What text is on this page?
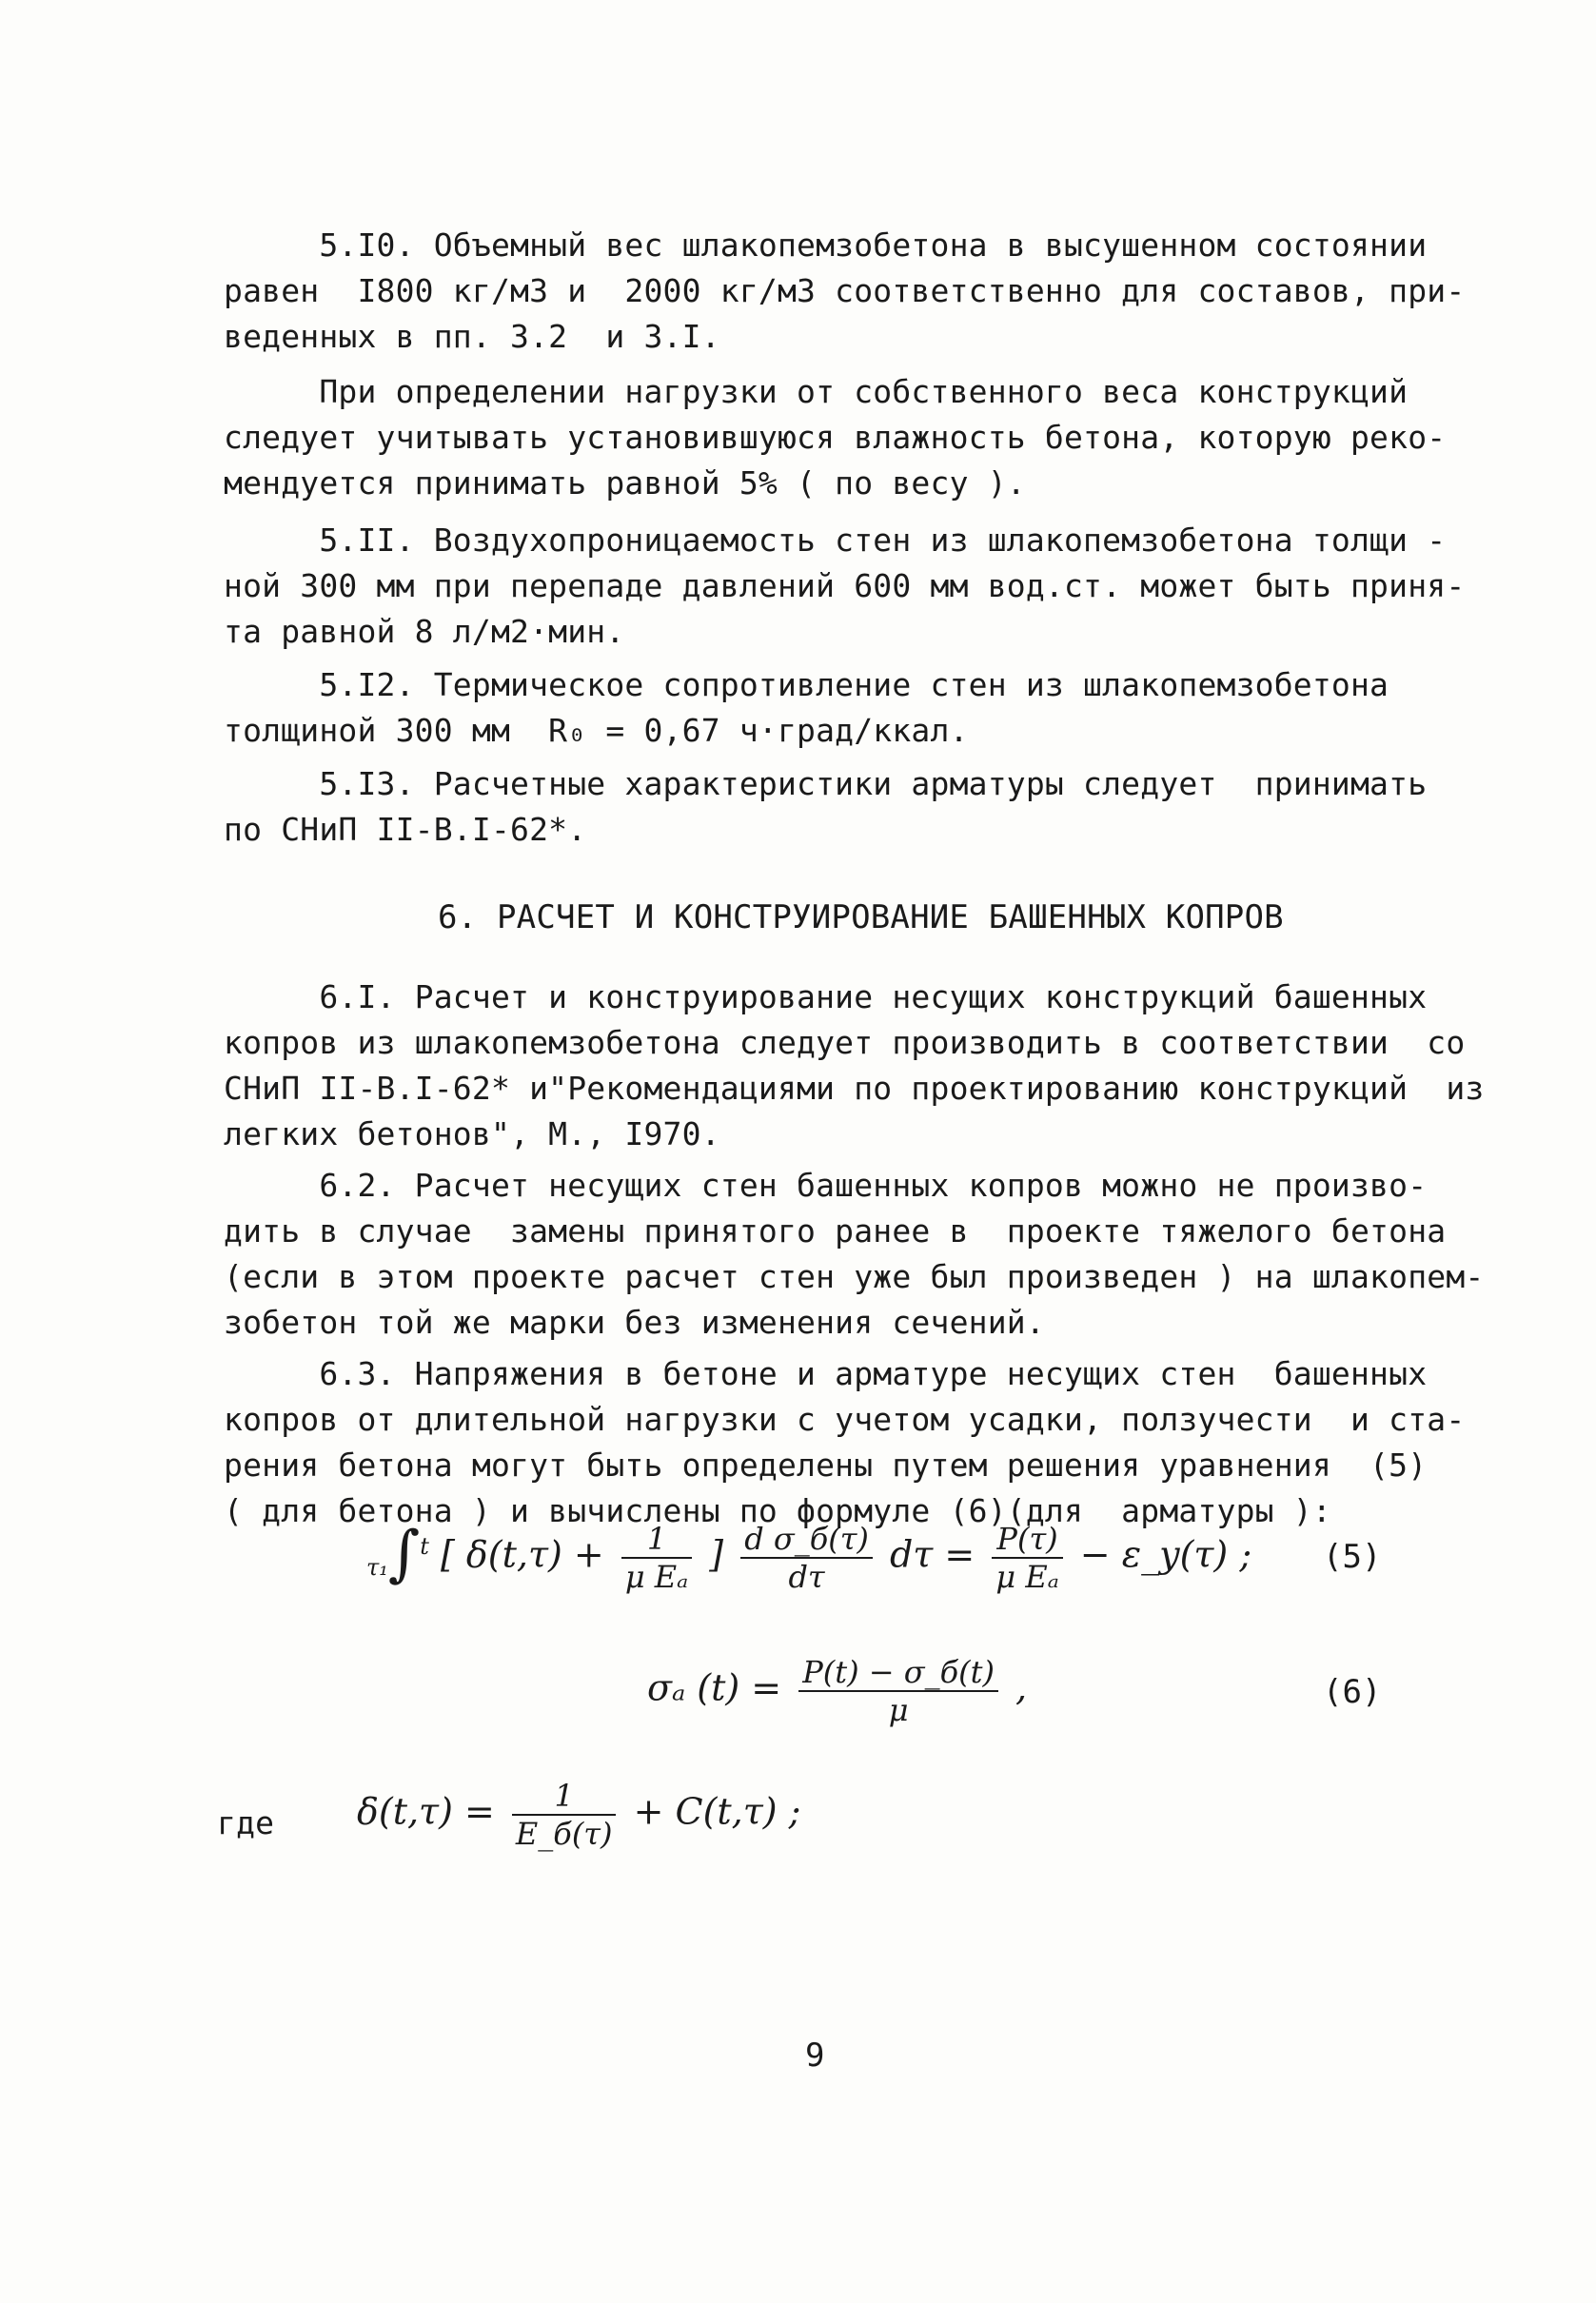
5.I0. Объемный вес шлакопемзобетона в высушенном состоянии
равен  I800 кг/м3 и  2000 кг/м3 соответственно для составов, при-
веденных в пп. 3.2  и 3.I.
При определении нагрузки от собственного веса конструкций
следует учитывать установившуюся влажность бетона, которую реко-
мендуется принимать равной 5% ( по весу ).
5.II. Воздухопроницаемость стен из шлакопемзобетона толщи -
ной 300 мм при перепаде давлений 600 мм вод.ст. может быть приня-
та равной 8 л/м2·мин.
5.I2. Термическое сопротивление стен из шлакопемзобетона
толщиной 300 мм  R₀ = 0,67 ч·град/ккал.
5.I3. Расчетные характеристики арматуры следует  принимать
по СНиП II-В.I-62*.
6. РАСЧЕТ И КОНСТРУИРОВАНИЕ БАШЕННЫХ КОПРОВ
6.I. Расчет и конструирование несущих конструкций башенных
копров из шлакопемзобетона следует производить в соответствии  со
СНиП II-В.I-62* и"Рекомендациями по проектированию конструкций  из
легких бетонов", М., I970.
6.2. Расчет несущих стен башенных копров можно не произво-
дить в случае  замены принятого ранее в  проекте тяжелого бетона
(если в этом проекте расчет стен уже был произведен ) на шлакопем-
зобетон той же марки без изменения сечений.
6.3. Напряжения в бетоне и арматуре несущих стен  башенных
копров от длительной нагрузки с учетом усадки, ползучести  и ста-
рения бетона могут быть определены путем решения уравнения  (5)
( для бетона ) и вычислены по формуле (6)(для  арматуры ):
$_{\tau_1}$∫$^t$ [ $\delta(t,\tau) + \frac{1}{\text{μ Eₐ}}$ ] $\frac{\text{d σ\_б(τ)}}{d\tau}$ $d\tau = \frac{P(\tau)}{\text{μ Eₐ}}$ − ε_y(τ) ; (5)
σₐ $(t) = \frac{P(t) - \sigma\_б(t)}{\mu}$ ,	(6)
где $\delta(t,\tau) = \frac{1}{E\_б(\tau)} + C(t,\tau)$ ;
9
